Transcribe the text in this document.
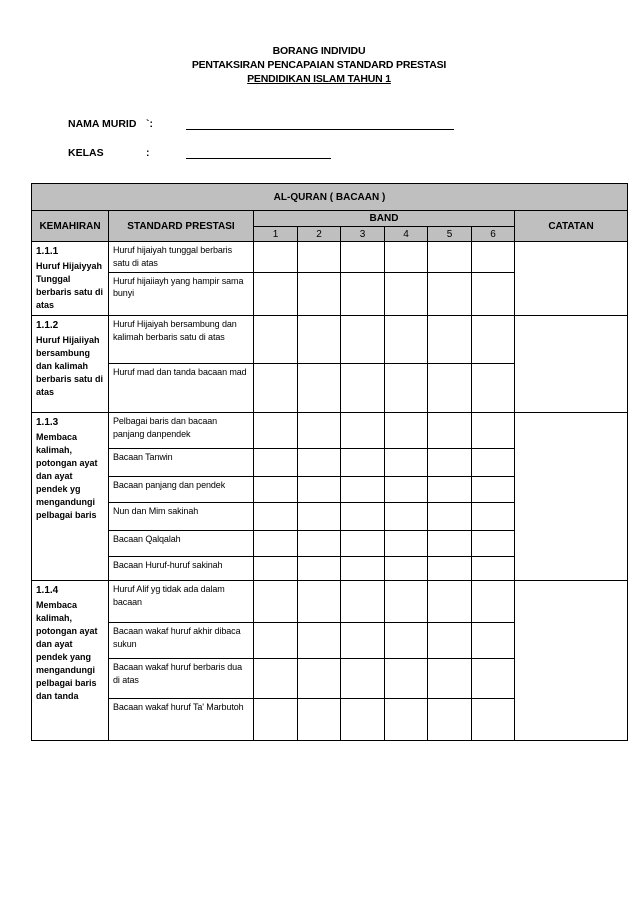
BORANG INDIVIDU
PENTAKSIRAN PENCAPAIAN STANDARD PRESTASI
PENDIDIKAN ISLAM TAHUN 1
NAMA MURID `:
KELAS	:
AL-QURAN ( BACAAN )								
KEMAHIRAN	STANDARD PRESTASI	BAND						CATATAN
		1	2	3	4	5	6	

1.1.1
Huruf Hijaiyyah Tunggal berbaris satu di atas	Huruf hijaiyah tunggal berbaris satu di atas							
	Huruf hijaiiayh yang hampir sama bunyi							

1.1.2
Huruf Hijaiiyah bersambung dan kalimah berbaris satu di atas	Huruf Hijaiyah bersambung dan kalimah berbaris satu di atas							
	Huruf mad dan tanda bacaan mad							

1.1.3
Membaca kalimah, potongan ayat dan ayat pendek yg mengandungi pelbagai baris	Pelbagai baris dan bacaan panjang danpendek							
	Bacaan Tanwin							
	Bacaan panjang dan pendek							
	Nun dan Mim sakinah							
	Bacaan Qalqalah							
	Bacaan Huruf-huruf sakinah							

1.1.4
Membaca kalimah, potongan ayat dan ayat pendek yang mengandungi pelbagai baris dan tanda	Huruf Alif yg tidak ada dalam bacaan							
	Bacaan wakaf huruf akhir dibaca sukun							
	Bacaan wakaf huruf berbaris dua di atas							
	Bacaan wakaf huruf Ta' Marbutoh							
